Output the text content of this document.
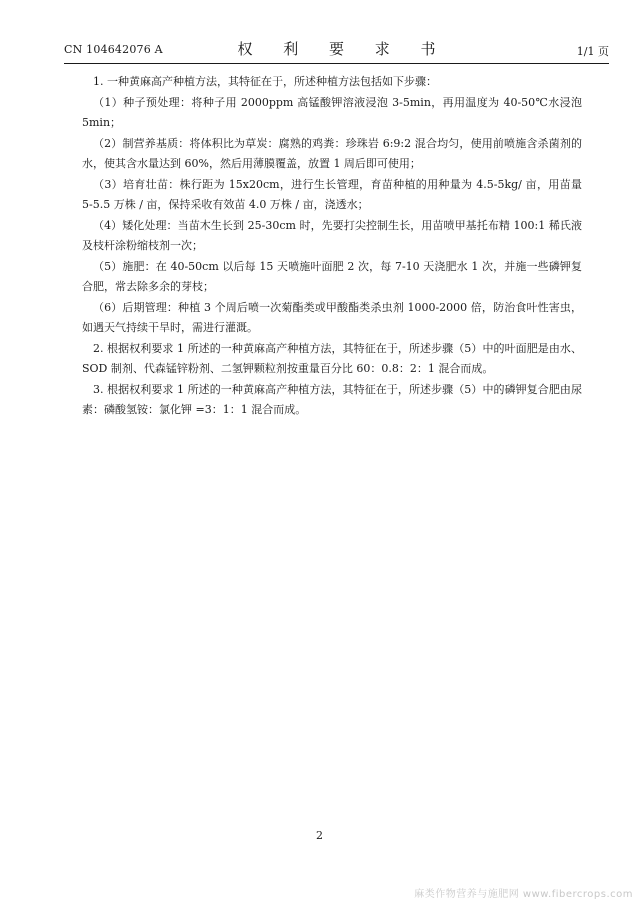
CN 104642076 A	权 利 要 求 书	1/1 页

1. 一种黄麻高产种植方法，其特征在于，所述种植方法包括如下步骤：

（1）种子预处理：将种子用 2000ppm 高锰酸钾溶液浸泡 3-5min，再用温度为 40-50℃水浸泡 5min；

（2）制营养基质：将体积比为草炭：腐熟的鸡粪：珍珠岩 6:9:2 混合均匀，使用前喷施含杀菌剂的水，使其含水量达到 60%，然后用薄膜覆盖，放置 1 周后即可使用；

（3）培育壮苗：株行距为 15x20cm，进行生长管理，育苗种植的用种量为 4.5-5kg/ 亩，用苗量 5-5.5 万株 / 亩，保持采收有效苗 4.0 万株 / 亩，浇透水；

（4）矮化处理：当苗木生长到 25-30cm 时，先要打尖控制生长，用苗喷甲基托布精 100:1 稀氏液及枝杆涂粉缩枝剂一次；

（5）施肥：在 40-50cm 以后每 15 天喷施叶面肥 2 次，每 7-10 天浇肥水 1 次，并施一些磷钾复合肥，常去除多余的芽枝；

（6）后期管理：种植 3 个周后喷一次菊酯类或甲酸酯类杀虫剂 1000-2000 倍，防治食叶性害虫，如遇天气持续干旱时，需进行灌溉。

2. 根据权利要求 1 所述的一种黄麻高产种植方法，其特征在于，所述步骤（5）中的叶面肥是由水、SOD 制剂、代森锰锌粉剂、二氢钾颗粒剂按重量百分比 60：0.8：2：1 混合而成。

3. 根据权利要求 1 所述的一种黄麻高产种植方法，其特征在于，所述步骤（5）中的磷钾复合肥由尿素：磷酸氢铵：氯化钾 =3：1：1 混合而成。

2
麻类作物营养与施肥网 www.fibercrops.com
